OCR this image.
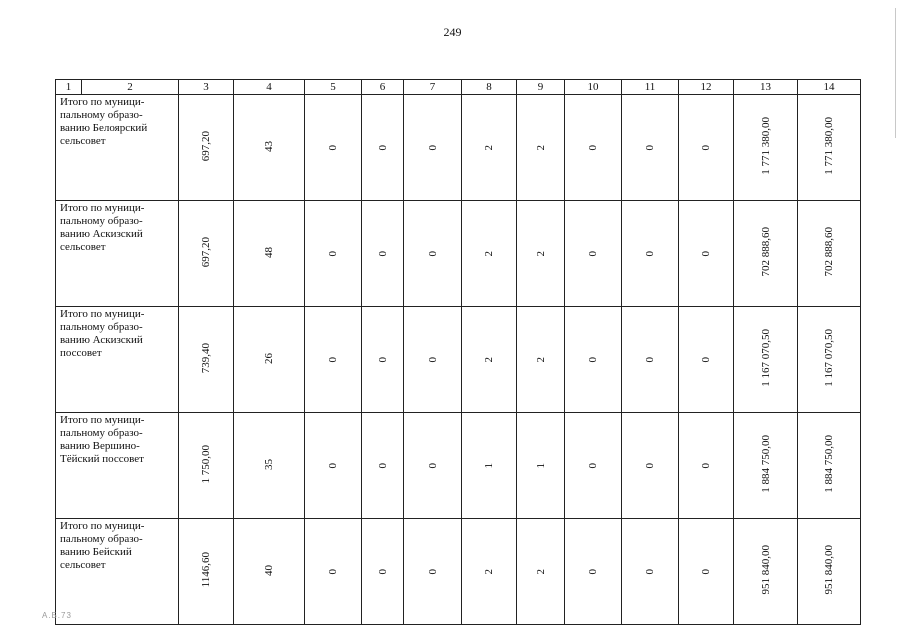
249
1	2	3	4	5	6	7	8	9	10	11	12	13	14

Итого по муници-
пальному образо-
ванию Белоярский
сельсовет		697,20	43	0	0	0	2	2	0	0	0	1 771 380,00	1 771 380,00

Итого по муници-
пальному образо-
ванию Аскизский
сельсовет		697,20	48	0	0	0	2	2	0	0	0	702 888,60	702 888,60

Итого по муници-
пальному образо-
ванию Аскизский
поссовет		739,40	26	0	0	0	2	2	0	0	0	1 167 070,50	1 167 070,50

Итого по муници-
пальному образо-
ванию Вершино-
Тёйский поссовет		1 750,00	35	0	0	0	1	1	0	0	0	1 884 750,00	1 884 750,00

Итого по муници-
пальному образо-
ванию Бейский
сельсовет		1146,60	40	0	0	0	2	2	0	0	0	951 840,00	951 840,00
А.Б.73
